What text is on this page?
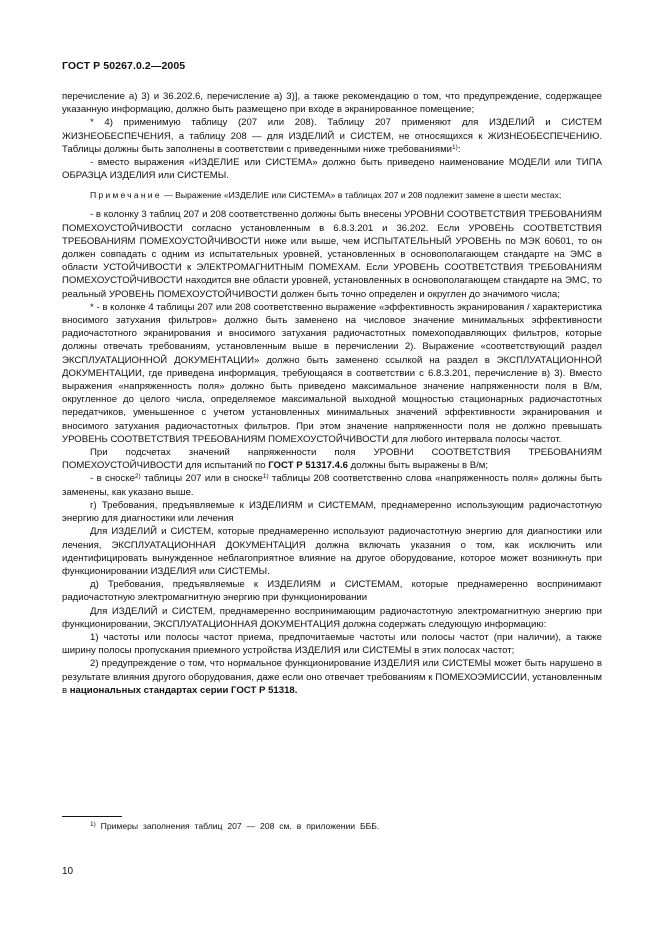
ГОСТ Р 50267.0.2—2005

перечисление а) 3) и 36.202.6, перечисление а) 3)], а также рекомендацию о том, что предупреждение, содержащее указанную информацию, должно быть размещено при входе в экранированное помещение;

* 4) применимую таблицу (207 или 208). Таблицу 207 применяют для ИЗДЕЛИЙ и СИСТЕМ ЖИЗНЕОБЕСПЕЧЕНИЯ, а таблицу 208 — для ИЗДЕЛИЙ и СИСТЕМ, не относящихся к ЖИЗНЕОБЕСПЕЧЕНИЮ. Таблицы должны быть заполнены в соответствии с приведенными ниже требованиями$^{1)}$:

- вместо выражения «ИЗДЕЛИЕ или СИСТЕМА» должно быть приведено наименование МОДЕЛИ или ТИПА ОБРАЗЦА ИЗДЕЛИЯ или СИСТЕМЫ.

Примечание — Выражение «ИЗДЕЛИЕ или СИСТЕМА» в таблицах 207 и 208 подлежит замене в шести местах;

- в колонку 3 таблиц 207 и 208 соответственно должны быть внесены УРОВНИ СООТВЕТСТВИЯ ТРЕБОВАНИЯМ ПОМЕХОУСТОЙЧИВОСТИ согласно установленным в 6.8.3.201 и 36.202. Если УРОВЕНЬ СООТВЕТСТВИЯ ТРЕБОВАНИЯМ ПОМЕХОУСТОЙЧИВОСТИ ниже или выше, чем ИСПЫТАТЕЛЬНЫЙ УРОВЕНЬ по МЭК 60601, то он должен совпадать с одним из испытательных уровней, установленных в основополагающем стандарте на ЭМС в области УСТОЙЧИВОСТИ к ЭЛЕКТРОМАГНИТНЫМ ПОМЕХАМ. Если УРОВЕНЬ СООТВЕТСТВИЯ ТРЕБОВАНИЯМ ПОМЕХОУСТОЙЧИВОСТИ находится вне области уровней, установленных в основополагающем стандарте на ЭМС, то реальный УРОВЕНЬ ПОМЕХОУСТОЙЧИВОСТИ должен быть точно определен и округлен до значимого числа;

* - в колонке 4 таблицы 207 или 208 соответственно выражение «эффективность экранирования / характеристика вносимого затухания фильтров» должно быть заменено на числовое значение минимальных эффективности радиочастотного экранирования и вносимого затухания радиочастотных помехоподавляющих фильтров, которые должны отвечать требованиям, установленным выше в перечислении 2). Выражение «соответствующий раздел ЭКСПЛУАТАЦИОННОЙ ДОКУМЕНТАЦИИ» должно быть заменено ссылкой на раздел в ЭКСПЛУАТАЦИОННОЙ ДОКУМЕНТАЦИИ, где приведена информация, требующаяся в соответствии с 6.8.3.201, перечисление в) 3). Вместо выражения «напряженность поля» должно быть приведено максимальное значение напряженности поля в В/м, округленное до целого числа, определяемое максимальной выходной мощностью стационарных радиочастотных передатчиков, уменьшенное с учетом установленных минимальных значений эффективности экранирования и вносимого затухания радиочастотных фильтров. При этом значение напряженности поля не должно превышать УРОВЕНЬ СООТВЕТСТВИЯ ТРЕБОВАНИЯМ ПОМЕХОУСТОЙЧИВОСТИ для любого интервала полосы частот.

При подсчетах значений напряженности поля УРОВНИ СООТВЕТСТВИЯ ТРЕБОВАНИЯМ ПОМЕХОУСТОЙЧИВОСТИ для испытаний по ГОСТ Р 51317.4.6 должны быть выражены в В/м;

- в сноске$^{2)}$ таблицы 207 или в сноске$^{1)}$ таблицы 208 соответственно слова «напряженность поля» должны быть заменены, как указано выше.

г) Требования, предъявляемые к ИЗДЕЛИЯМ и СИСТЕМАМ, преднамеренно использующим радиочастотную энергию для диагностики или лечения

Для ИЗДЕЛИЙ и СИСТЕМ, которые преднамеренно используют радиочастотную энергию для диагностики или лечения, ЭКСПЛУАТАЦИОННАЯ ДОКУМЕНТАЦИЯ должна включать указания о том, как исключить или идентифицировать вынужденное неблагоприятное влияние на другое оборудование, которое может возникнуть при функционировании ИЗДЕЛИЯ или СИСТЕМЫ.

д) Требования, предъявляемые к ИЗДЕЛИЯМ и СИСТЕМАМ, которые преднамеренно воспринимают радиочастотную электромагнитную энергию при функционировании

Для ИЗДЕЛИЙ и СИСТЕМ, преднамеренно воспринимающим радиочастотную электромагнитную энергию при функционировании, ЭКСПЛУАТАЦИОННАЯ ДОКУМЕНТАЦИЯ должна содержать следующую информацию:

1) частоты или полосы частот приема, предпочитаемые частоты или полосы частот (при наличии), а также ширину полосы пропускания приемного устройства ИЗДЕЛИЯ или СИСТЕМЫ в этих полосах частот;

2) предупреждение о том, что нормальное функционирование ИЗДЕЛИЯ или СИСТЕМЫ может быть нарушено в результате влияния другого оборудования, даже если оно отвечает требованиям к ПОМЕХОЭМИССИИ, установленным в национальных стандартах серии ГОСТ Р 51318.

$^{1)}$ Примеры заполнения таблиц 207 — 208 см. в приложении БББ.
10
